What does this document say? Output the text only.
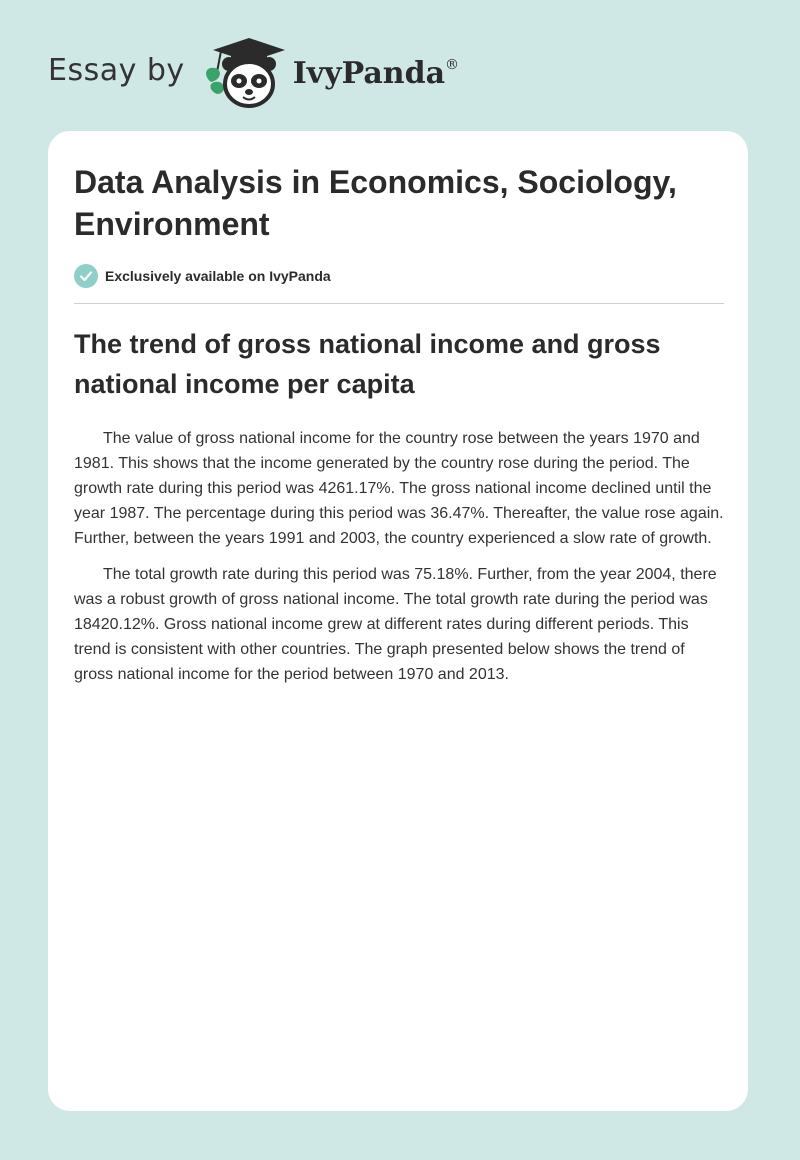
Essay by	IvyPanda®
Data Analysis in Economics, Sociology, Environment
Exclusively available on IvyPanda
The trend of gross national income and gross national income per capita

The value of gross national income for the country rose between the years 1970 and 1981. This shows that the income generated by the country rose during the period. The growth rate during this period was 4261.17%. The gross national income declined until the year 1987. The percentage during this period was 36.47%. Thereafter, the value rose again. Further, between the years 1991 and 2003, the country experienced a slow rate of growth.

The total growth rate during this period was 75.18%. Further, from the year 2004, there was a robust growth of gross national income. The total growth rate during the period was 18420.12%. Gross national income grew at different rates during different periods. This trend is consistent with other countries. The graph presented below shows the trend of gross national income for the period between 1970 and 2013.
